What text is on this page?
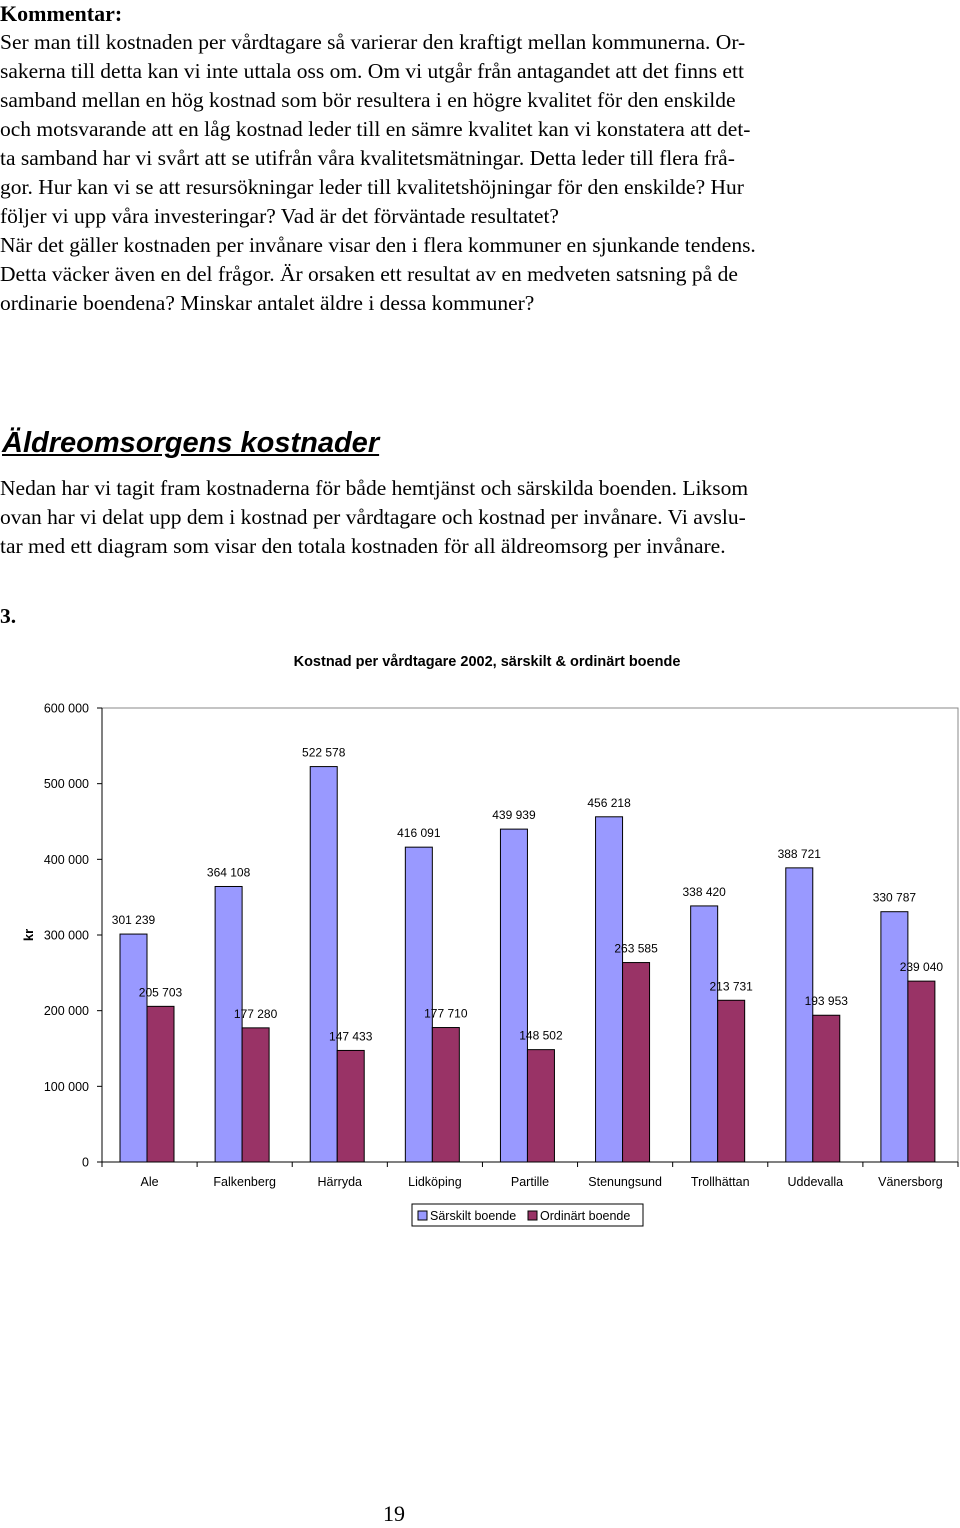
Kommentar:

Ser man till kostnaden per vårdtagare så varierar den kraftigt mellan kommunerna. Or-

sakerna till detta kan vi inte uttala oss om. Om vi utgår från antagandet att det finns ett

samband mellan en hög kostnad som bör resultera i en högre kvalitet för den enskilde

och motsvarande att en låg kostnad leder till en sämre kvalitet kan vi konstatera att det-

ta samband har vi svårt att se utifrån våra kvalitetsmätningar. Detta leder till flera frå-

gor. Hur kan vi se att resursökningar leder till kvalitetshöjningar för den enskilde? Hur

följer vi upp våra investeringar? Vad är det förväntade resultatet?

När det gäller kostnaden per invånare visar den i flera kommuner en sjunkande tendens.

Detta väcker även en del frågor. Är orsaken ett resultat av en medveten satsning på de

ordinarie boendena? Minskar antalet äldre i dessa kommuner?

Äldreomsorgens kostnader

Nedan har vi tagit fram kostnaderna för både hemtjänst och särskilda boenden. Liksom

ovan har vi delat upp dem i kostnad per vårdtagare och kostnad per invånare. Vi avslu-

tar med ett diagram som visar den totala kostnaden för all äldreomsorg per invånare.

3.
Kostnad per vårdtagare 2002, särskilt & ordinärt boende
0
100 000
200 000
300 000
400 000
500 000
600 000
kr
Ale
301 239
205 703
Falkenberg
364 108
177 280
Härryda
522 578
147 433
Lidköping
416 091
177 710
Partille
439 939
148 502
Stenungsund
456 218
263 585
Trollhättan
338 420
213 731
Uddevalla
388 721
193 953
Vänersborg
330 787
239 040
Särskilt boende Ordinärt boende
19
